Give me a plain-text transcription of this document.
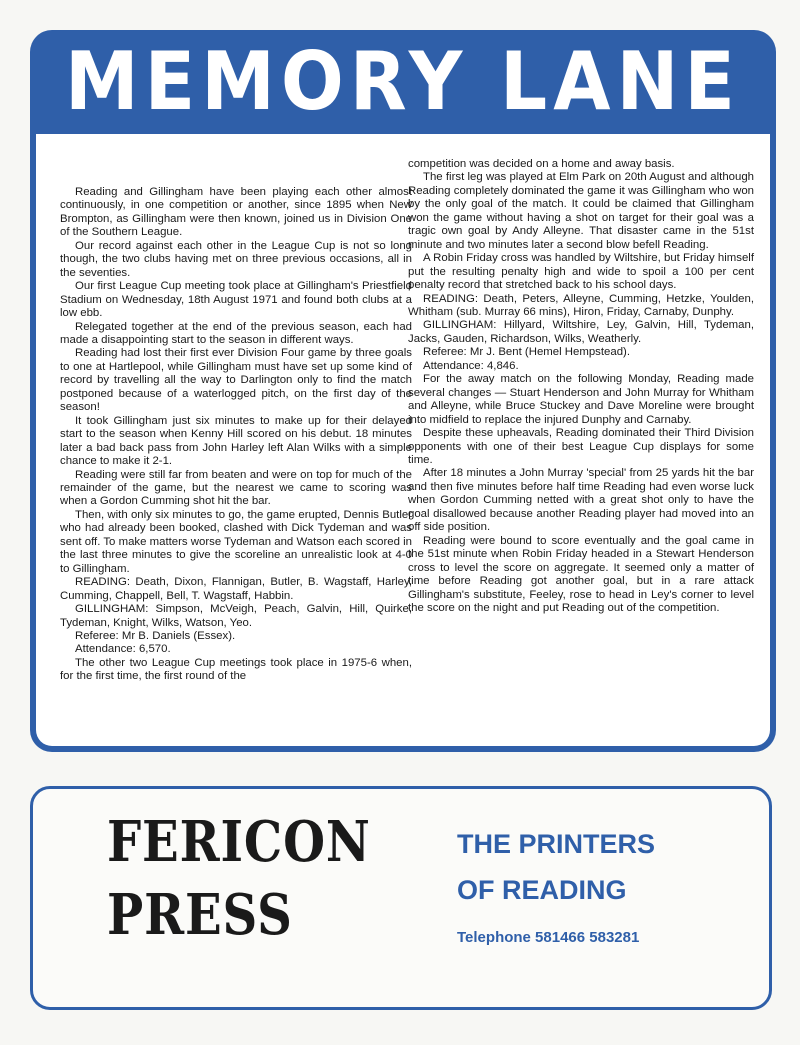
MEMORY LANE

Reading and Gillingham have been playing each other almost continuously, in one competition or another, since 1895 when New Brompton, as Gillingham were then known, joined us in Division One of the Southern League.

Our record against each other in the League Cup is not so long though, the two clubs having met on three previous occasions, all in the seventies.

Our first League Cup meeting took place at Gillingham's Priestfield Stadium on Wednesday, 18th August 1971 and found both clubs at a low ebb.

Relegated together at the end of the previous season, each had made a disappointing start to the season in different ways.

Reading had lost their first ever Division Four game by three goals to one at Hartlepool, while Gillingham must have set up some kind of record by travelling all the way to Darlington only to find the match postponed because of a waterlogged pitch, on the first day of the season!

It took Gillingham just six minutes to make up for their delayed start to the season when Kenny Hill scored on his debut. 18 minutes later a bad back pass from John Harley left Alan Wilks with a simple chance to make it 2-1.

Reading were still far from beaten and were on top for much of the remainder of the game, but the nearest we came to scoring was when a Gordon Cumming shot hit the bar.

Then, with only six minutes to go, the game erupted, Dennis Butler who had already been booked, clashed with Dick Tydeman and was sent off. To make matters worse Tydeman and Watson each scored in the last three minutes to give the scoreline an unrealistic look at 4-0 to Gillingham.

READING: Death, Dixon, Flannigan, Butler, B. Wagstaff, Harley, Cumming, Chappell, Bell, T. Wagstaff, Habbin.

GILLINGHAM: Simpson, McVeigh, Peach, Galvin, Hill, Quirke, Tydeman, Knight, Wilks, Watson, Yeo.

Referee: Mr B. Daniels (Essex).

Attendance: 6,570.

The other two League Cup meetings took place in 1975-6 when, for the first time, the first round of the

competition was decided on a home and away basis.

The first leg was played at Elm Park on 20th August and although Reading completely dominated the game it was Gillingham who won by the only goal of the match. It could be claimed that Gillingham won the game without having a shot on target for their goal was a tragic own goal by Andy Alleyne. That disaster came in the 51st minute and two minutes later a second blow befell Reading.

A Robin Friday cross was handled by Wiltshire, but Friday himself put the resulting penalty high and wide to spoil a 100 per cent penalty record that stretched back to his school days.

READING: Death, Peters, Alleyne, Cumming, Hetzke, Youlden, Whitham (sub. Murray 66 mins), Hiron, Friday, Carnaby, Dunphy.

GILLINGHAM: Hillyard, Wiltshire, Ley, Galvin, Hill, Tydeman, Jacks, Gauden, Richardson, Wilks, Weatherly.

Referee: Mr J. Bent (Hemel Hempstead).

Attendance: 4,846.

For the away match on the following Monday, Reading made several changes — Stuart Henderson and John Murray for Whitham and Alleyne, while Bruce Stuckey and Dave Moreline were brought into midfield to replace the injured Dunphy and Carnaby.

Despite these upheavals, Reading dominated their Third Division opponents with one of their best League Cup displays for some time.

After 18 minutes a John Murray 'special' from 25 yards hit the bar and then five minutes before half time Reading had even worse luck when Gordon Cumming netted with a great shot only to have the goal disallowed because another Reading player had moved into an off side position.

Reading were bound to score eventually and the goal came in the 51st minute when Robin Friday headed in a Stewart Henderson cross to level the score on aggregate. It seemed only a matter of time before Reading got another goal, but in a rare attack Gillingham's substitute, Feeley, rose to head in Ley's corner to level the score on the night and put Reading out of the competition.

FERICON
PRESS
THE PRINTERS
OF READING
Telephone 581466 583281
